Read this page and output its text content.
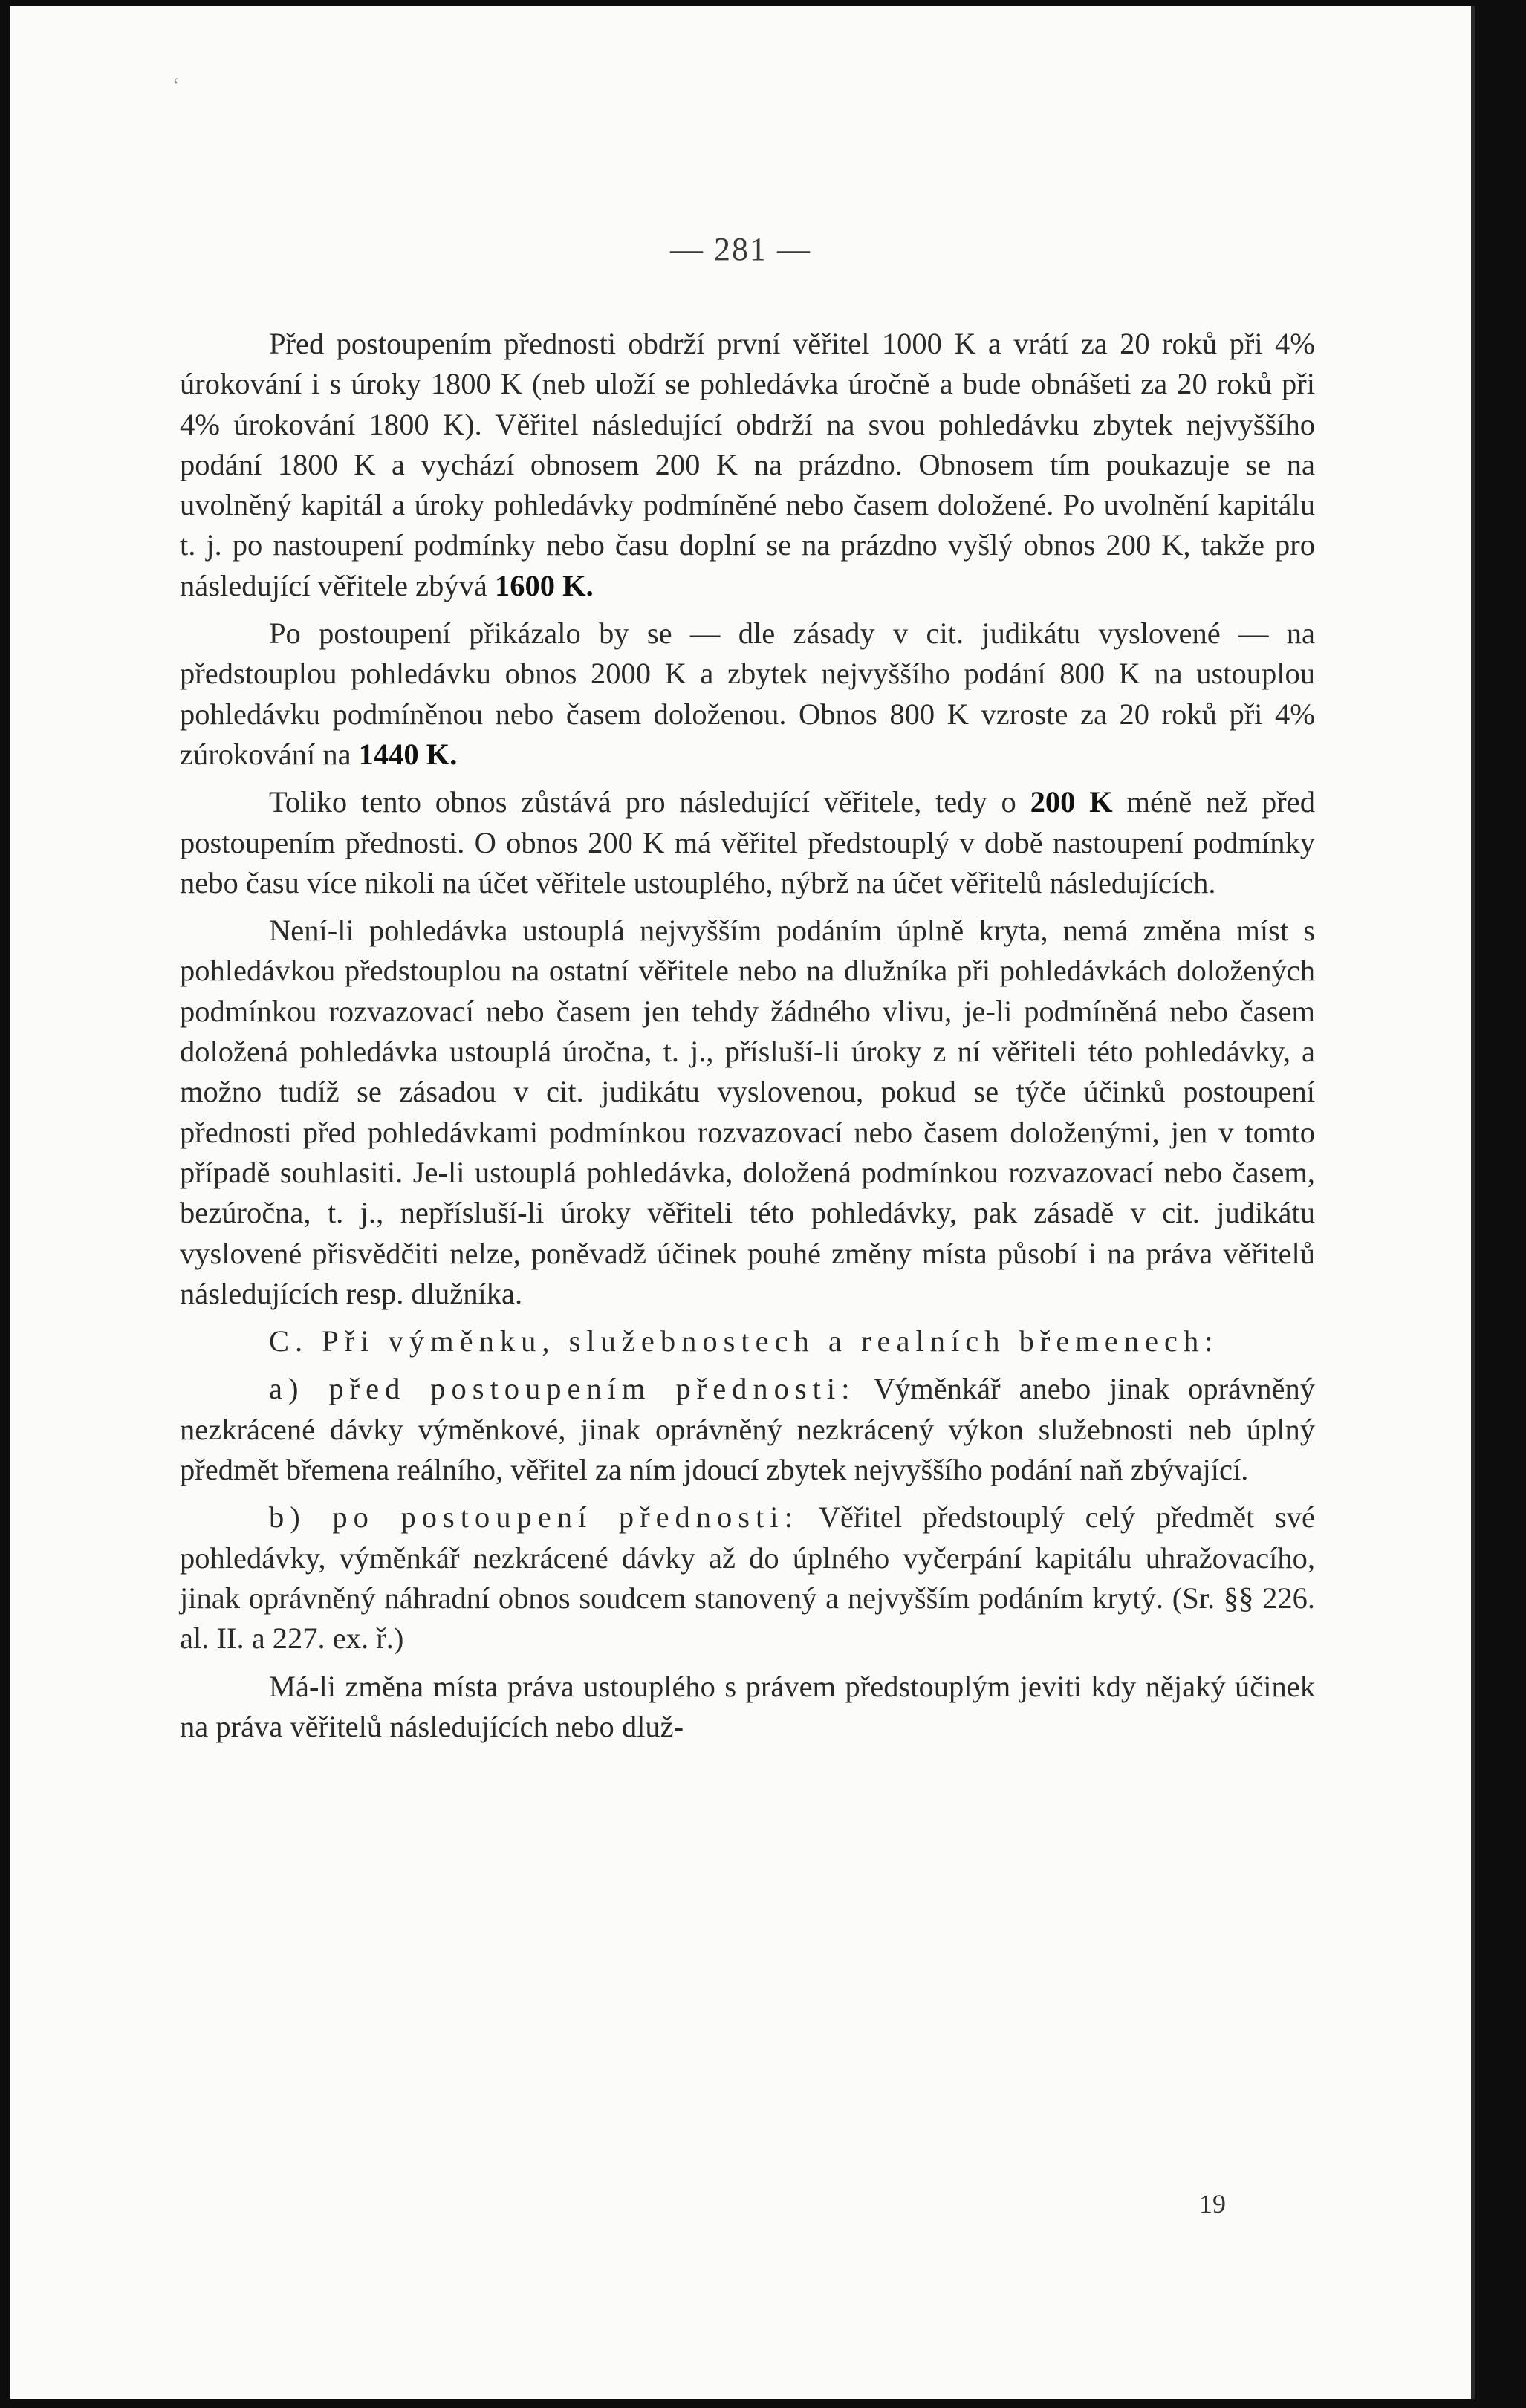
ʻ
— 281 —

Před postoupením přednosti obdrží první věřitel 1000 K a vrátí za 20 roků při 4% úrokování i s úroky 1800 K (neb uloží se pohledávka úročně a bude obnášeti za 20 roků při 4% úrokování 1800 K). Věřitel následující obdrží na svou pohledávku zbytek nejvyššího podání 1800 K a vychází obnosem 200 K na prázdno. Obnosem tím poukazuje se na uvolněný kapitál a úroky pohledávky podmíněné nebo časem doložené. Po uvolnění kapitálu t. j. po nastoupení podmínky nebo času doplní se na prázdno vyšlý obnos 200 K, takže pro následující věřitele zbývá 1600 K.

Po postoupení přikázalo by se — dle zásady v cit. judikátu vyslovené — na předstouplou pohledávku obnos 2000 K a zbytek nejvyššího podání 800 K na ustouplou pohledávku podmíněnou nebo časem doloženou. Obnos 800 K vzroste za 20 roků při 4% zúrokování na 1440 K.

Toliko tento obnos zůstává pro následující věřitele, tedy o 200 K méně než před postoupením přednosti. O obnos 200 K má věřitel předstouplý v době nastoupení podmínky nebo času více nikoli na účet věřitele ustouplého, nýbrž na účet věřitelů následujících.

Není-li pohledávka ustouplá nejvyšším podáním úplně kryta, nemá změna míst s pohledávkou předstouplou na ostatní věřitele nebo na dlužníka při pohledávkách doložených podmínkou rozvazovací nebo časem jen tehdy žádného vlivu, je-li podmíněná nebo časem doložená pohledávka ustouplá úročna, t. j., přísluší-li úroky z ní věřiteli této pohledávky, a možno tudíž se zásadou v cit. judikátu vyslovenou, pokud se týče účinků postoupení přednosti před pohledávkami podmínkou rozvazovací nebo časem doloženými, jen v tomto případě souhlasiti. Je-li ustouplá pohledávka, doložená podmínkou rozvazovací nebo časem, bezúročna, t. j., nepřísluší-li úroky věřiteli této pohledávky, pak zásadě v cit. judikátu vyslovené přisvědčiti nelze, poněvadž účinek pouhé změny místa působí i na práva věřitelů následujících resp. dlužníka.

C. Při výměnku, služebnostech a realních břemenech:

a) před postoupením přednosti: Výměnkář anebo jinak oprávněný nezkrácené dávky výměnkové, jinak oprávněný nezkrácený výkon služebnosti neb úplný předmět břemena reálního, věřitel za ním jdoucí zbytek nejvyššího podání naň zbývající.

b) po postoupení přednosti: Věřitel předstouplý celý předmět své pohledávky, výměnkář nezkrácené dávky až do úplného vyčerpání kapitálu uhražovacího, jinak oprávněný náhradní obnos soudcem stanovený a nejvyšším podáním krytý. (Sr. §§ 226. al. II. a 227. ex. ř.)

Má-li změna místa práva ustouplého s právem předstouplým jeviti kdy nějaký účinek na práva věřitelů následujících nebo dluž-

19
